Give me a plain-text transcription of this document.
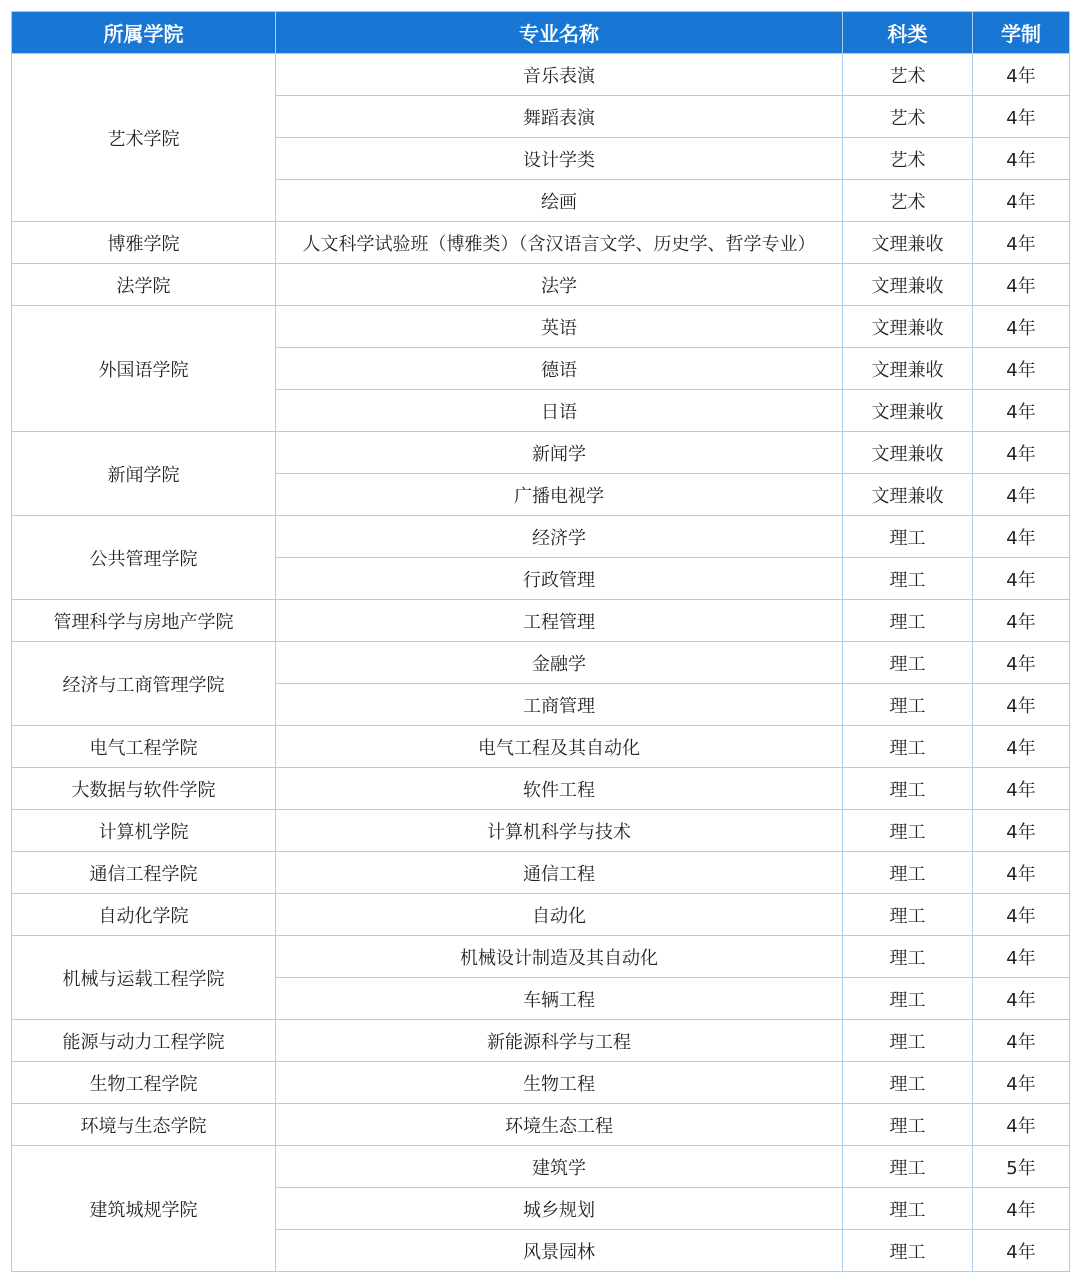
所属学院	专业名称	科类	学制
艺术学院	音乐表演	艺术	4年
	舞蹈表演	艺术	4年
	设计学类	艺术	4年
	绘画	艺术	4年
博雅学院	人文科学试验班（博雅类）（含汉语言文学、历史学、哲学专业）	文理兼收	4年
法学院	法学	文理兼收	4年
外国语学院	英语	文理兼收	4年
	德语	文理兼收	4年
	日语	文理兼收	4年
新闻学院	新闻学	文理兼收	4年
	广播电视学	文理兼收	4年
公共管理学院	经济学	理工	4年
	行政管理	理工	4年
管理科学与房地产学院	工程管理	理工	4年
经济与工商管理学院	金融学	理工	4年
	工商管理	理工	4年
电气工程学院	电气工程及其自动化	理工	4年
大数据与软件学院	软件工程	理工	4年
计算机学院	计算机科学与技术	理工	4年
通信工程学院	通信工程	理工	4年
自动化学院	自动化	理工	4年
机械与运载工程学院	机械设计制造及其自动化	理工	4年
	车辆工程	理工	4年
能源与动力工程学院	新能源科学与工程	理工	4年
生物工程学院	生物工程	理工	4年
环境与生态学院	环境生态工程	理工	4年
建筑城规学院	建筑学	理工	5年
	城乡规划	理工	4年
	风景园林	理工	4年
